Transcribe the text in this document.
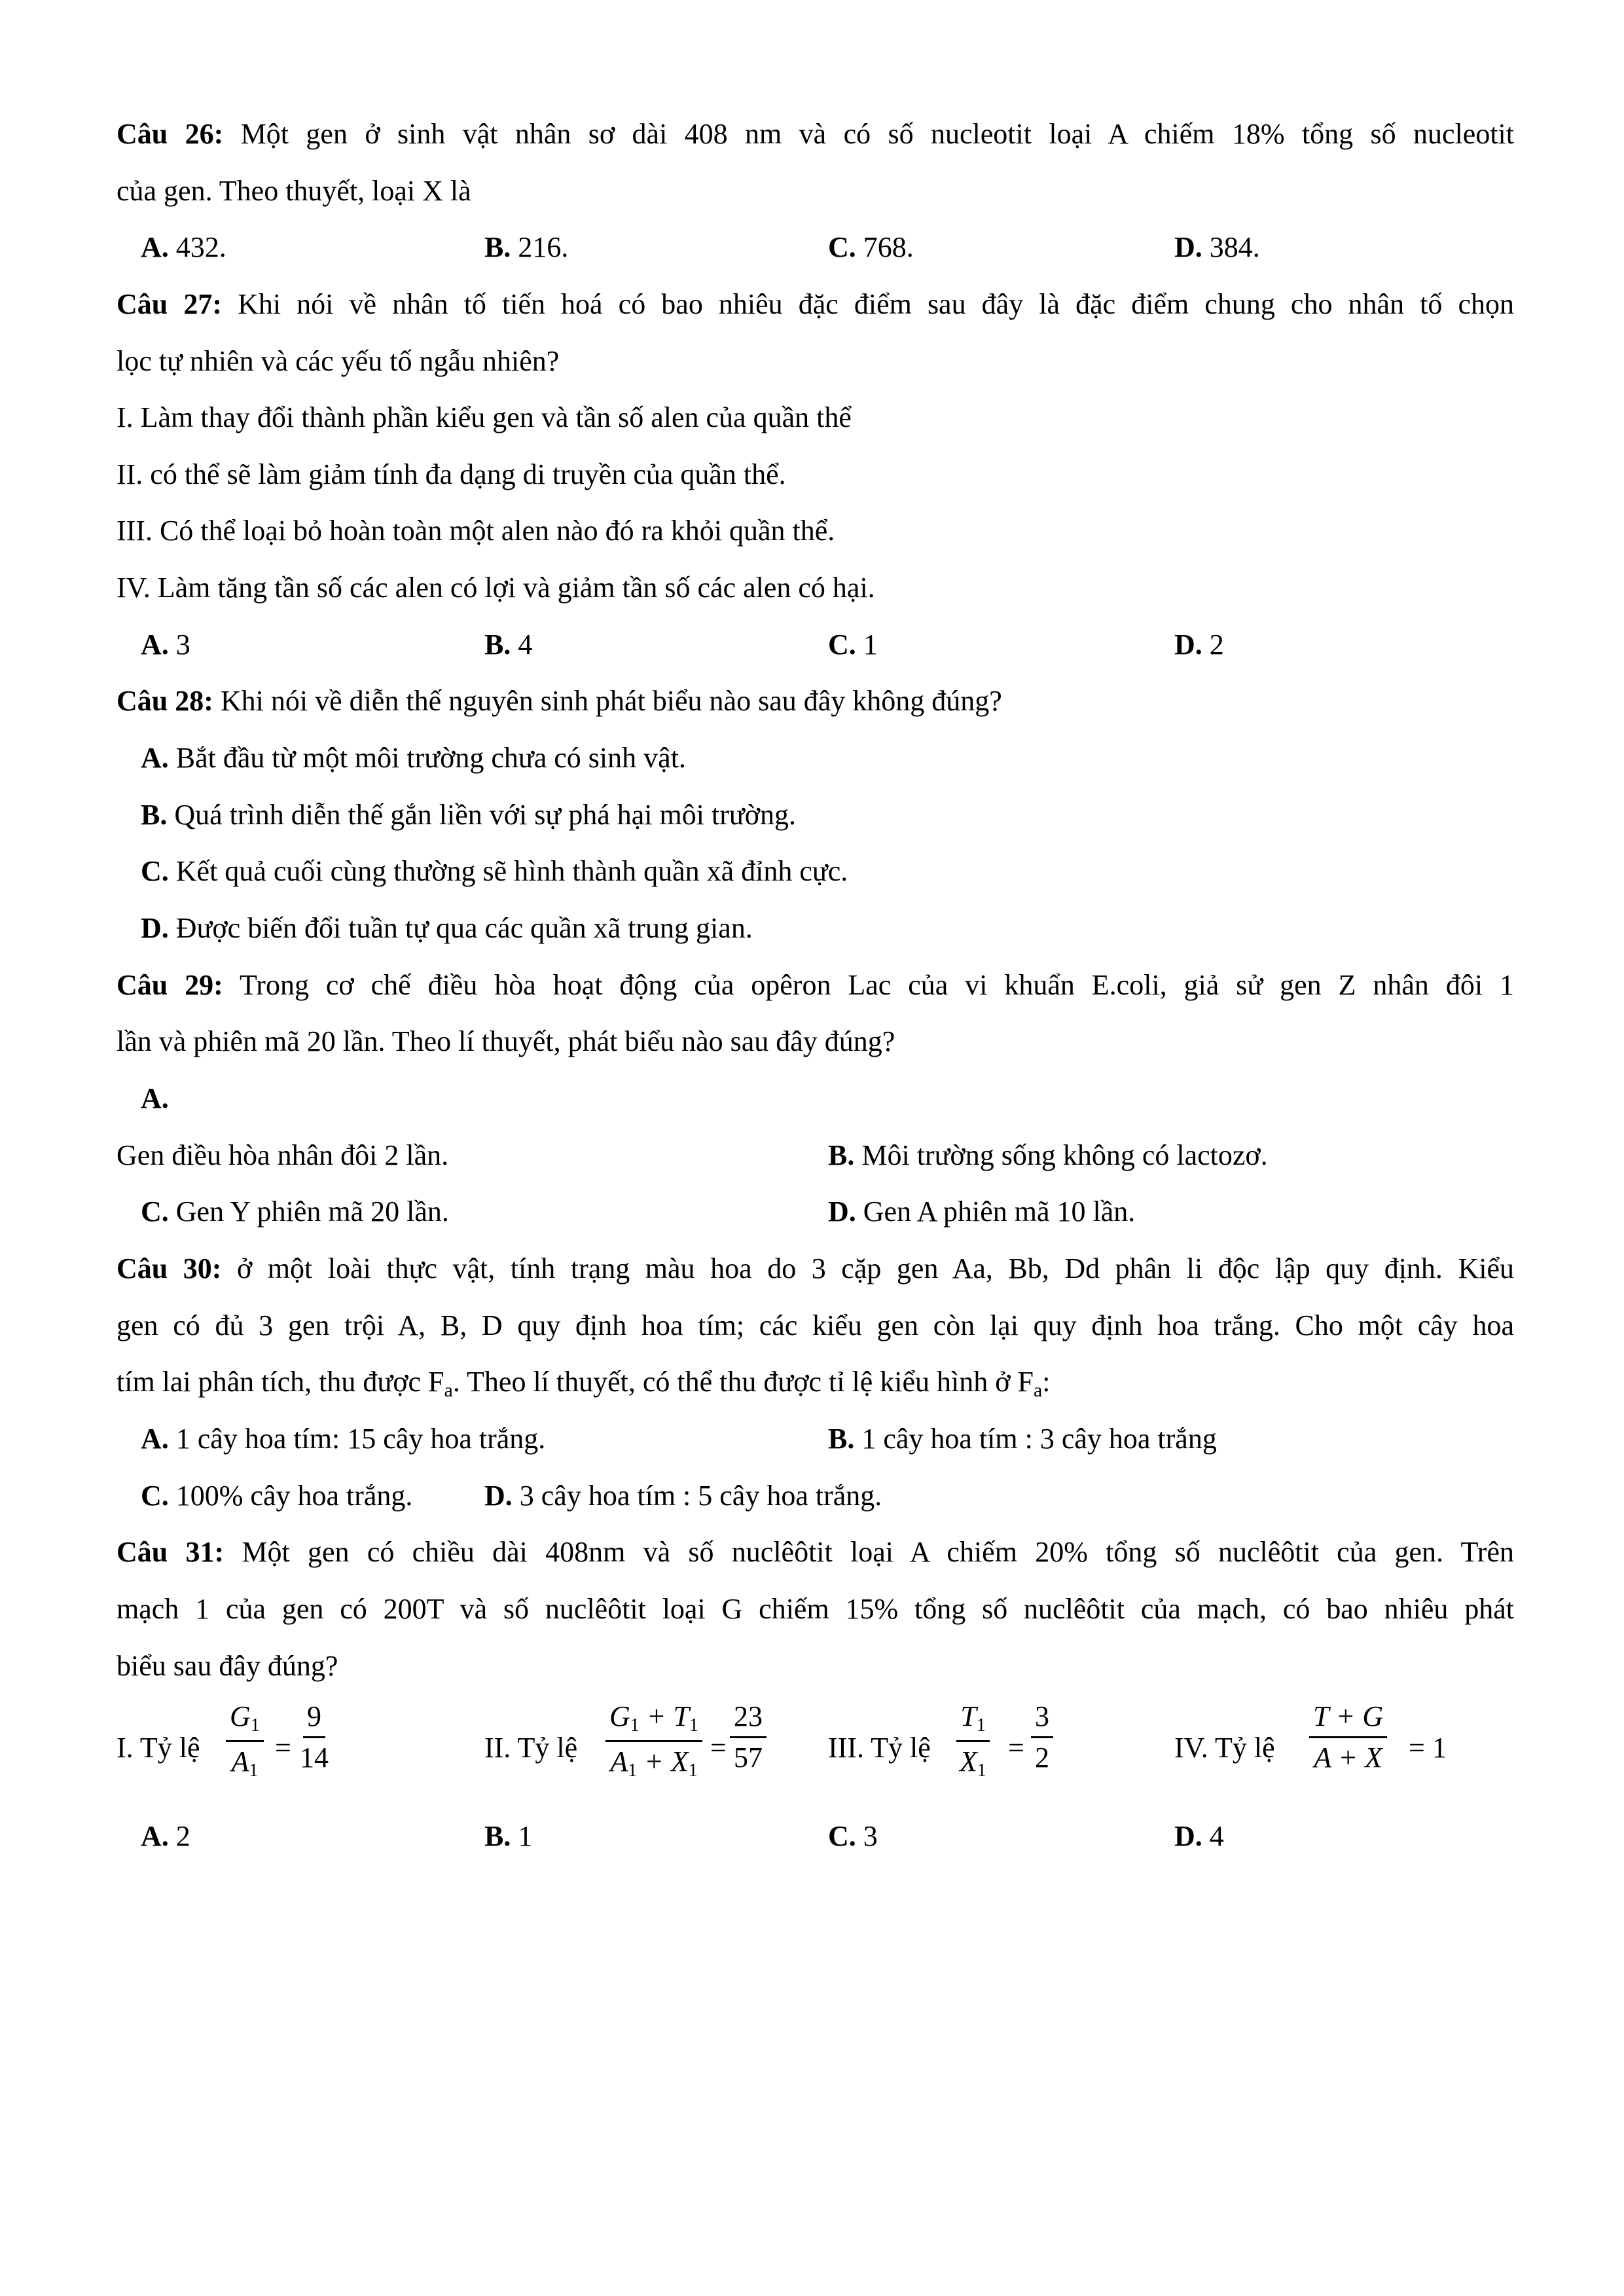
Câu 26: Một gen ở sinh vật nhân sơ dài 408 nm và có số nucleotit loại A chiếm 18% tổng số nucleotit
của gen. Theo thuyết, loại X là
A. 432.	B. 216.	C. 768.	D. 384.
Câu 27: Khi nói về nhân tố tiến hoá có bao nhiêu đặc điểm sau đây là đặc điểm chung cho nhân tố chọn
lọc tự nhiên và các yếu tố ngẫu nhiên?
I. Làm thay đổi thành phần kiểu gen và tần số alen của quần thể
II. có thể sẽ làm giảm tính đa dạng di truyền của quần thể.
III. Có thể loại bỏ hoàn toàn một alen nào đó ra khỏi quần thể.
IV. Làm tăng tần số các alen có lợi và giảm tần số các alen có hại.
A. 3	B. 4	C. 1	D. 2
Câu 28: Khi nói về diễn thế nguyên sinh phát biểu nào sau đây không đúng?
A. Bắt đầu từ một môi trường chưa có sinh vật.
B. Quá trình diễn thế gắn liền với sự phá hại môi trường.
C. Kết quả cuối cùng thường sẽ hình thành quần xã đỉnh cực.
D. Được biến đổi tuần tự qua các quần xã trung gian.
Câu 29: Trong cơ chế điều hòa hoạt động của opêron Lac của vi khuẩn E.coli, giả sử gen Z nhân đôi 1
lần và phiên mã 20 lần. Theo lí thuyết, phát biểu nào sau đây đúng?
A.
Gen điều hòa nhân đôi 2 lần.	B. Môi trường sống không có lactozơ.
C. Gen Y phiên mã 20 lần.	D. Gen A phiên mã 10 lần.
Câu 30: ở một loài thực vật, tính trạng màu hoa do 3 cặp gen Aa, Bb, Dd phân li độc lập quy định. Kiểu
gen có đủ 3 gen trội A, B, D quy định hoa tím; các kiểu gen còn lại quy định hoa trắng. Cho một cây hoa
tím lai phân tích, thu được $F_a$. Theo lí thuyết, có thể thu được tỉ lệ kiểu hình ở $F_a$:
A. 1 cây hoa tím: 15 cây hoa trắng.	B. 1 cây hoa tím : 3 cây hoa trắng
C. 100% cây hoa trắng. D. 3 cây hoa tím : 5 cây hoa trắng.
Câu 31: Một gen có chiều dài 408nm và số nuclêôtit loại A chiếm 20% tổng số nuclêôtit của gen. Trên
mạch 1 của gen có 200T và số nuclêôtit loại G chiếm 15% tổng số nuclêôtit của mạch, có bao nhiêu phát
biểu sau đây đúng?
I. Tỷ lệ $\frac{G1}{A1} = \frac{9}{14}$	II. Tỷ lệ $\frac{G1 + T1}{A1 + X1} = \frac{23}{57}$ III. Tỷ lệ $\frac{T1}{X1} = \frac{3}{2}$	IV. Tỷ lệ $\frac{T + G}{A + X} = 1$
A. 2	B. 1	C. 3	D. 4
